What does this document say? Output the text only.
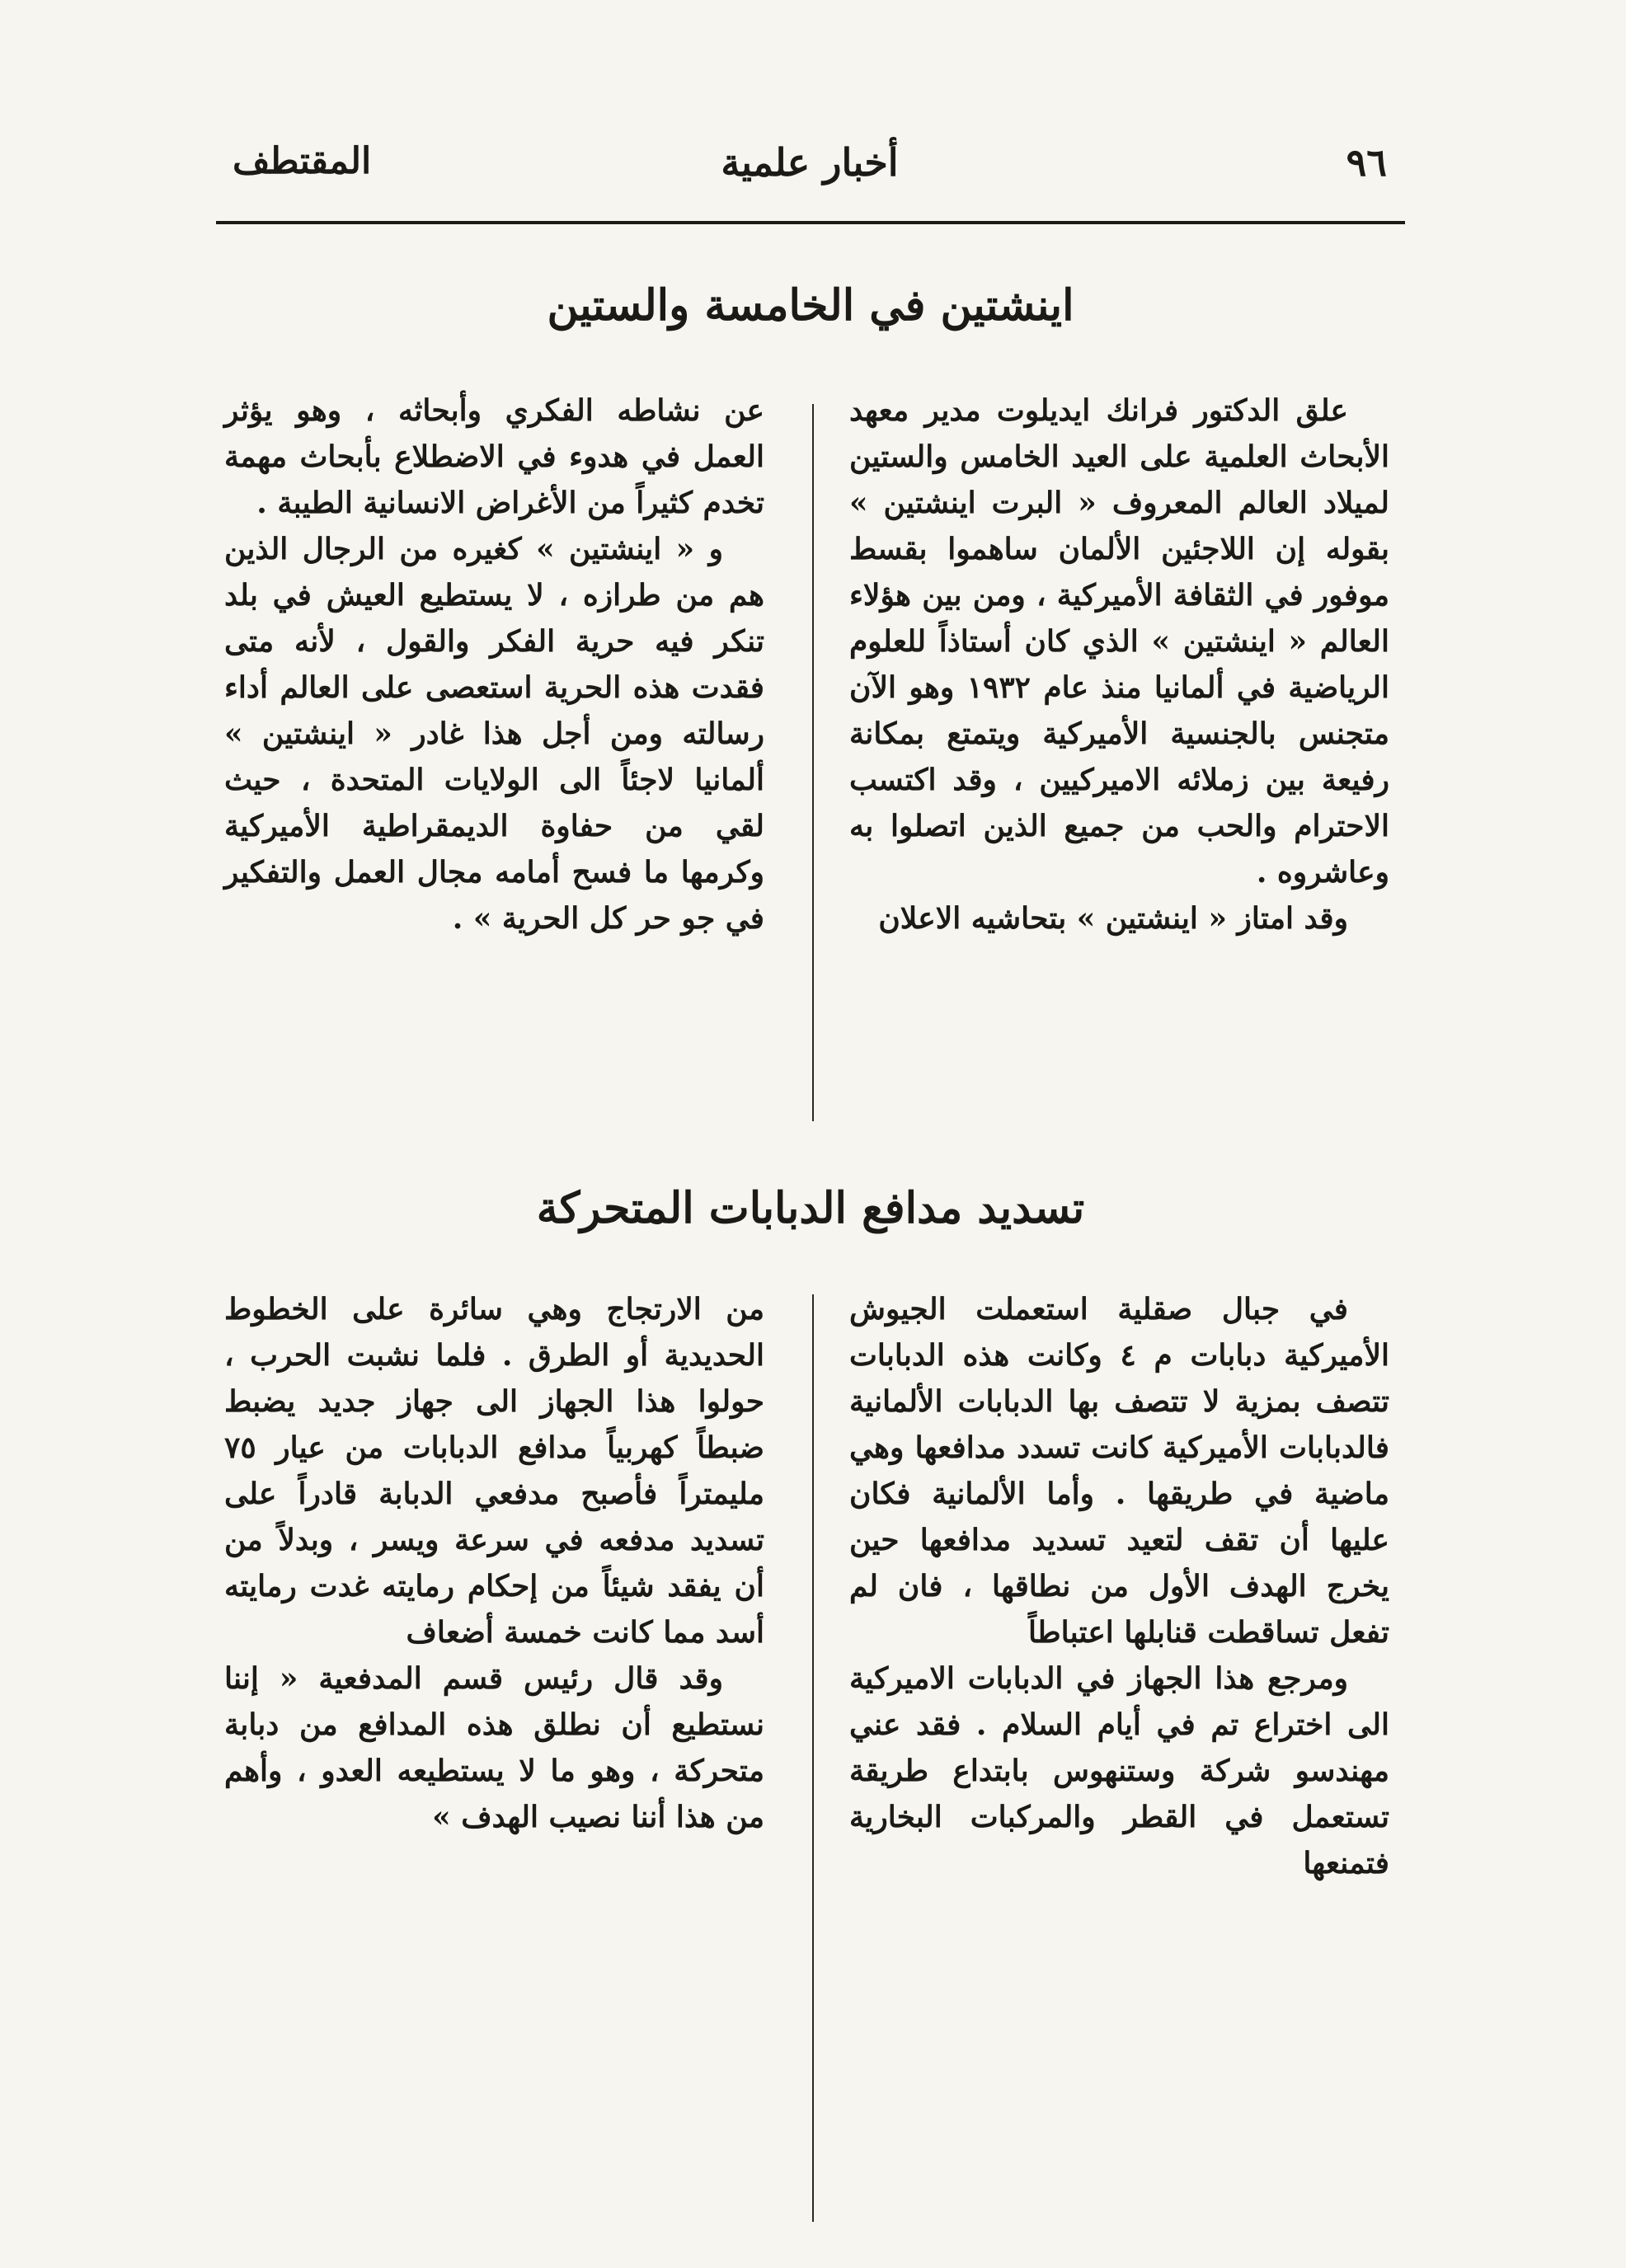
٩٦
أخبار علمية
المقتطف
اينشتين في الخامسة والستين

علق الدكتور فرانك ايديلوت مدير معهد الأبحاث العلمية على العيد الخامس والستين لميلاد العالم المعروف « البرت اينشتين » بقوله إن اللاجئين الألمان ساهموا بقسط موفور في الثقافة الأميركية ، ومن بين هؤلاء العالم « اينشتين » الذي كان أستاذاً للعلوم الرياضية في ألمانيا منذ عام ١٩٣٢ وهو الآن متجنس بالجنسية الأميركية ويتمتع بمكانة رفيعة بين زملائه الاميركيين ، وقد اكتسب الاحترام والحب من جميع الذين اتصلوا به وعاشروه .

وقد امتاز « اينشتين » بتحاشيه الاعلان

عن نشاطه الفكري وأبحاثه ، وهو يؤثر العمل في هدوء في الاضطلاع بأبحاث مهمة تخدم كثيراً من الأغراض الانسانية الطيبة .

و « اينشتين » كغيره من الرجال الذين هم من طرازه ، لا يستطيع العيش في بلد تنكر فيه حرية الفكر والقول ، لأنه متى فقدت هذه الحرية استعصى على العالم أداء رسالته ومن أجل هذا غادر « اينشتين » ألمانيا لاجئاً الى الولايات المتحدة ، حيث لقي من حفاوة الديمقراطية الأميركية وكرمها ما فسح أمامه مجال العمل والتفكير في جو حر كل الحرية » .

تسديد مدافع الدبابات المتحركة

في جبال صقلية استعملت الجيوش الأميركية دبابات م ٤ وكانت هذه الدبابات تتصف بمزية لا تتصف بها الدبابات الألمانية فالدبابات الأميركية كانت تسدد مدافعها وهي ماضية في طريقها . وأما الألمانية فكان عليها أن تقف لتعيد تسديد مدافعها حين يخرج الهدف الأول من نطاقها ، فان لم تفعل تساقطت قنابلها اعتباطاً

ومرجع هذا الجهاز في الدبابات الاميركية الى اختراع تم في أيام السلام . فقد عني مهندسو شركة وستنهوس بابتداع طريقة تستعمل في القطر والمركبات البخارية فتمنعها

من الارتجاج وهي سائرة على الخطوط الحديدية أو الطرق . فلما نشبت الحرب ، حولوا هذا الجهاز الى جهاز جديد يضبط ضبطاً كهربياً مدافع الدبابات من عيار ٧٥ مليمتراً فأصبح مدفعي الدبابة قادراً على تسديد مدفعه في سرعة ويسر ، وبدلاً من أن يفقد شيئاً من إحكام رمايته غدت رمايته أسد مما كانت خمسة أضعاف

وقد قال رئيس قسم المدفعية « إننا نستطيع أن نطلق هذه المدافع من دبابة متحركة ، وهو ما لا يستطيعه العدو ، وأهم من هذا أننا نصيب الهدف »
